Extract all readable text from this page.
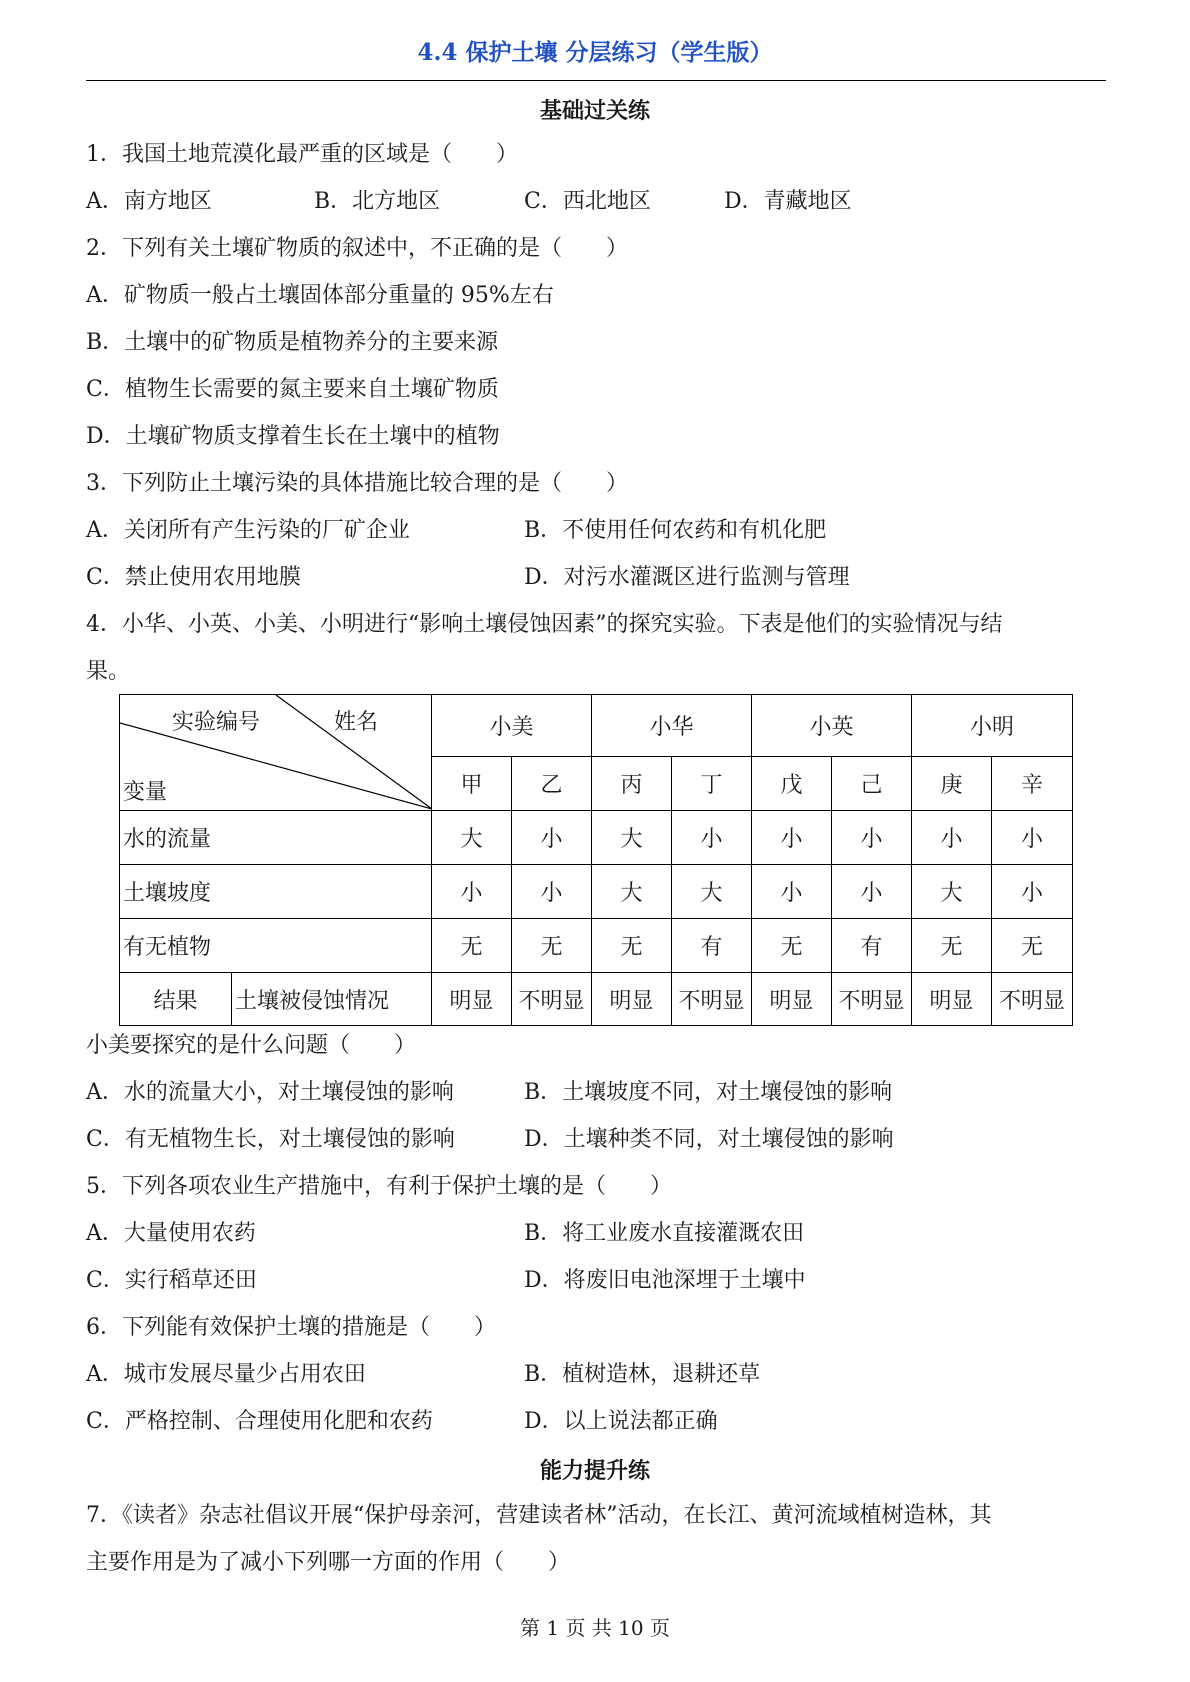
4.4 保护土壤 分层练习（学生版）
基础过关练
1．我国土地荒漠化最严重的区域是（　　）
A．南方地区	B．北方地区	C．西北地区	D．青藏地区
2．下列有关土壤矿物质的叙述中，不正确的是（　　）
A．矿物质一般占土壤固体部分重量的 95%左右
B．土壤中的矿物质是植物养分的主要来源
C．植物生长需要的氮主要来自土壤矿物质
D．土壤矿物质支撑着生长在土壤中的植物
3．下列防止土壤污染的具体措施比较合理的是（　　）
A．关闭所有产生污染的厂矿企业	B．不使用任何农药和有机化肥
C．禁止使用农用地膜	D．对污水灌溉区进行监测与管理
4．小华、小英、小美、小明进行“影响土壤侵蚀因素”的探究实验。下表是他们的实验情况与结
果。
实验编号 姓名
变量		小美		小华		小英		小明	
		甲	乙	丙	丁	戊	己	庚	辛
水的流量		大	小	大	小	小	小	小	小
土壤坡度		小	小	大	大	小	小	大	小
有无植物		无	无	无	有	无	有	无	无
结果	土壤被侵蚀情况	明显	不明显	明显	不明显	明显	不明显	明显	不明显
小美要探究的是什么问题（　　）
A．水的流量大小，对土壤侵蚀的影响	B．土壤坡度不同，对土壤侵蚀的影响
C．有无植物生长，对土壤侵蚀的影响	D．土壤种类不同，对土壤侵蚀的影响
5．下列各项农业生产措施中，有利于保护土壤的是（　　）
A．大量使用农药	B．将工业废水直接灌溉农田
C．实行稻草还田	D．将废旧电池深埋于土壤中
6．下列能有效保护土壤的措施是（　　）
A．城市发展尽量少占用农田	B．植树造林，退耕还草
C．严格控制、合理使用化肥和农药	D．以上说法都正确
能力提升练
7．《读者》杂志社倡议开展“保护母亲河，营建读者林”活动，在长江、黄河流域植树造林，其
主要作用是为了减小下列哪一方面的作用（　　）
第 1 页 共 10 页
